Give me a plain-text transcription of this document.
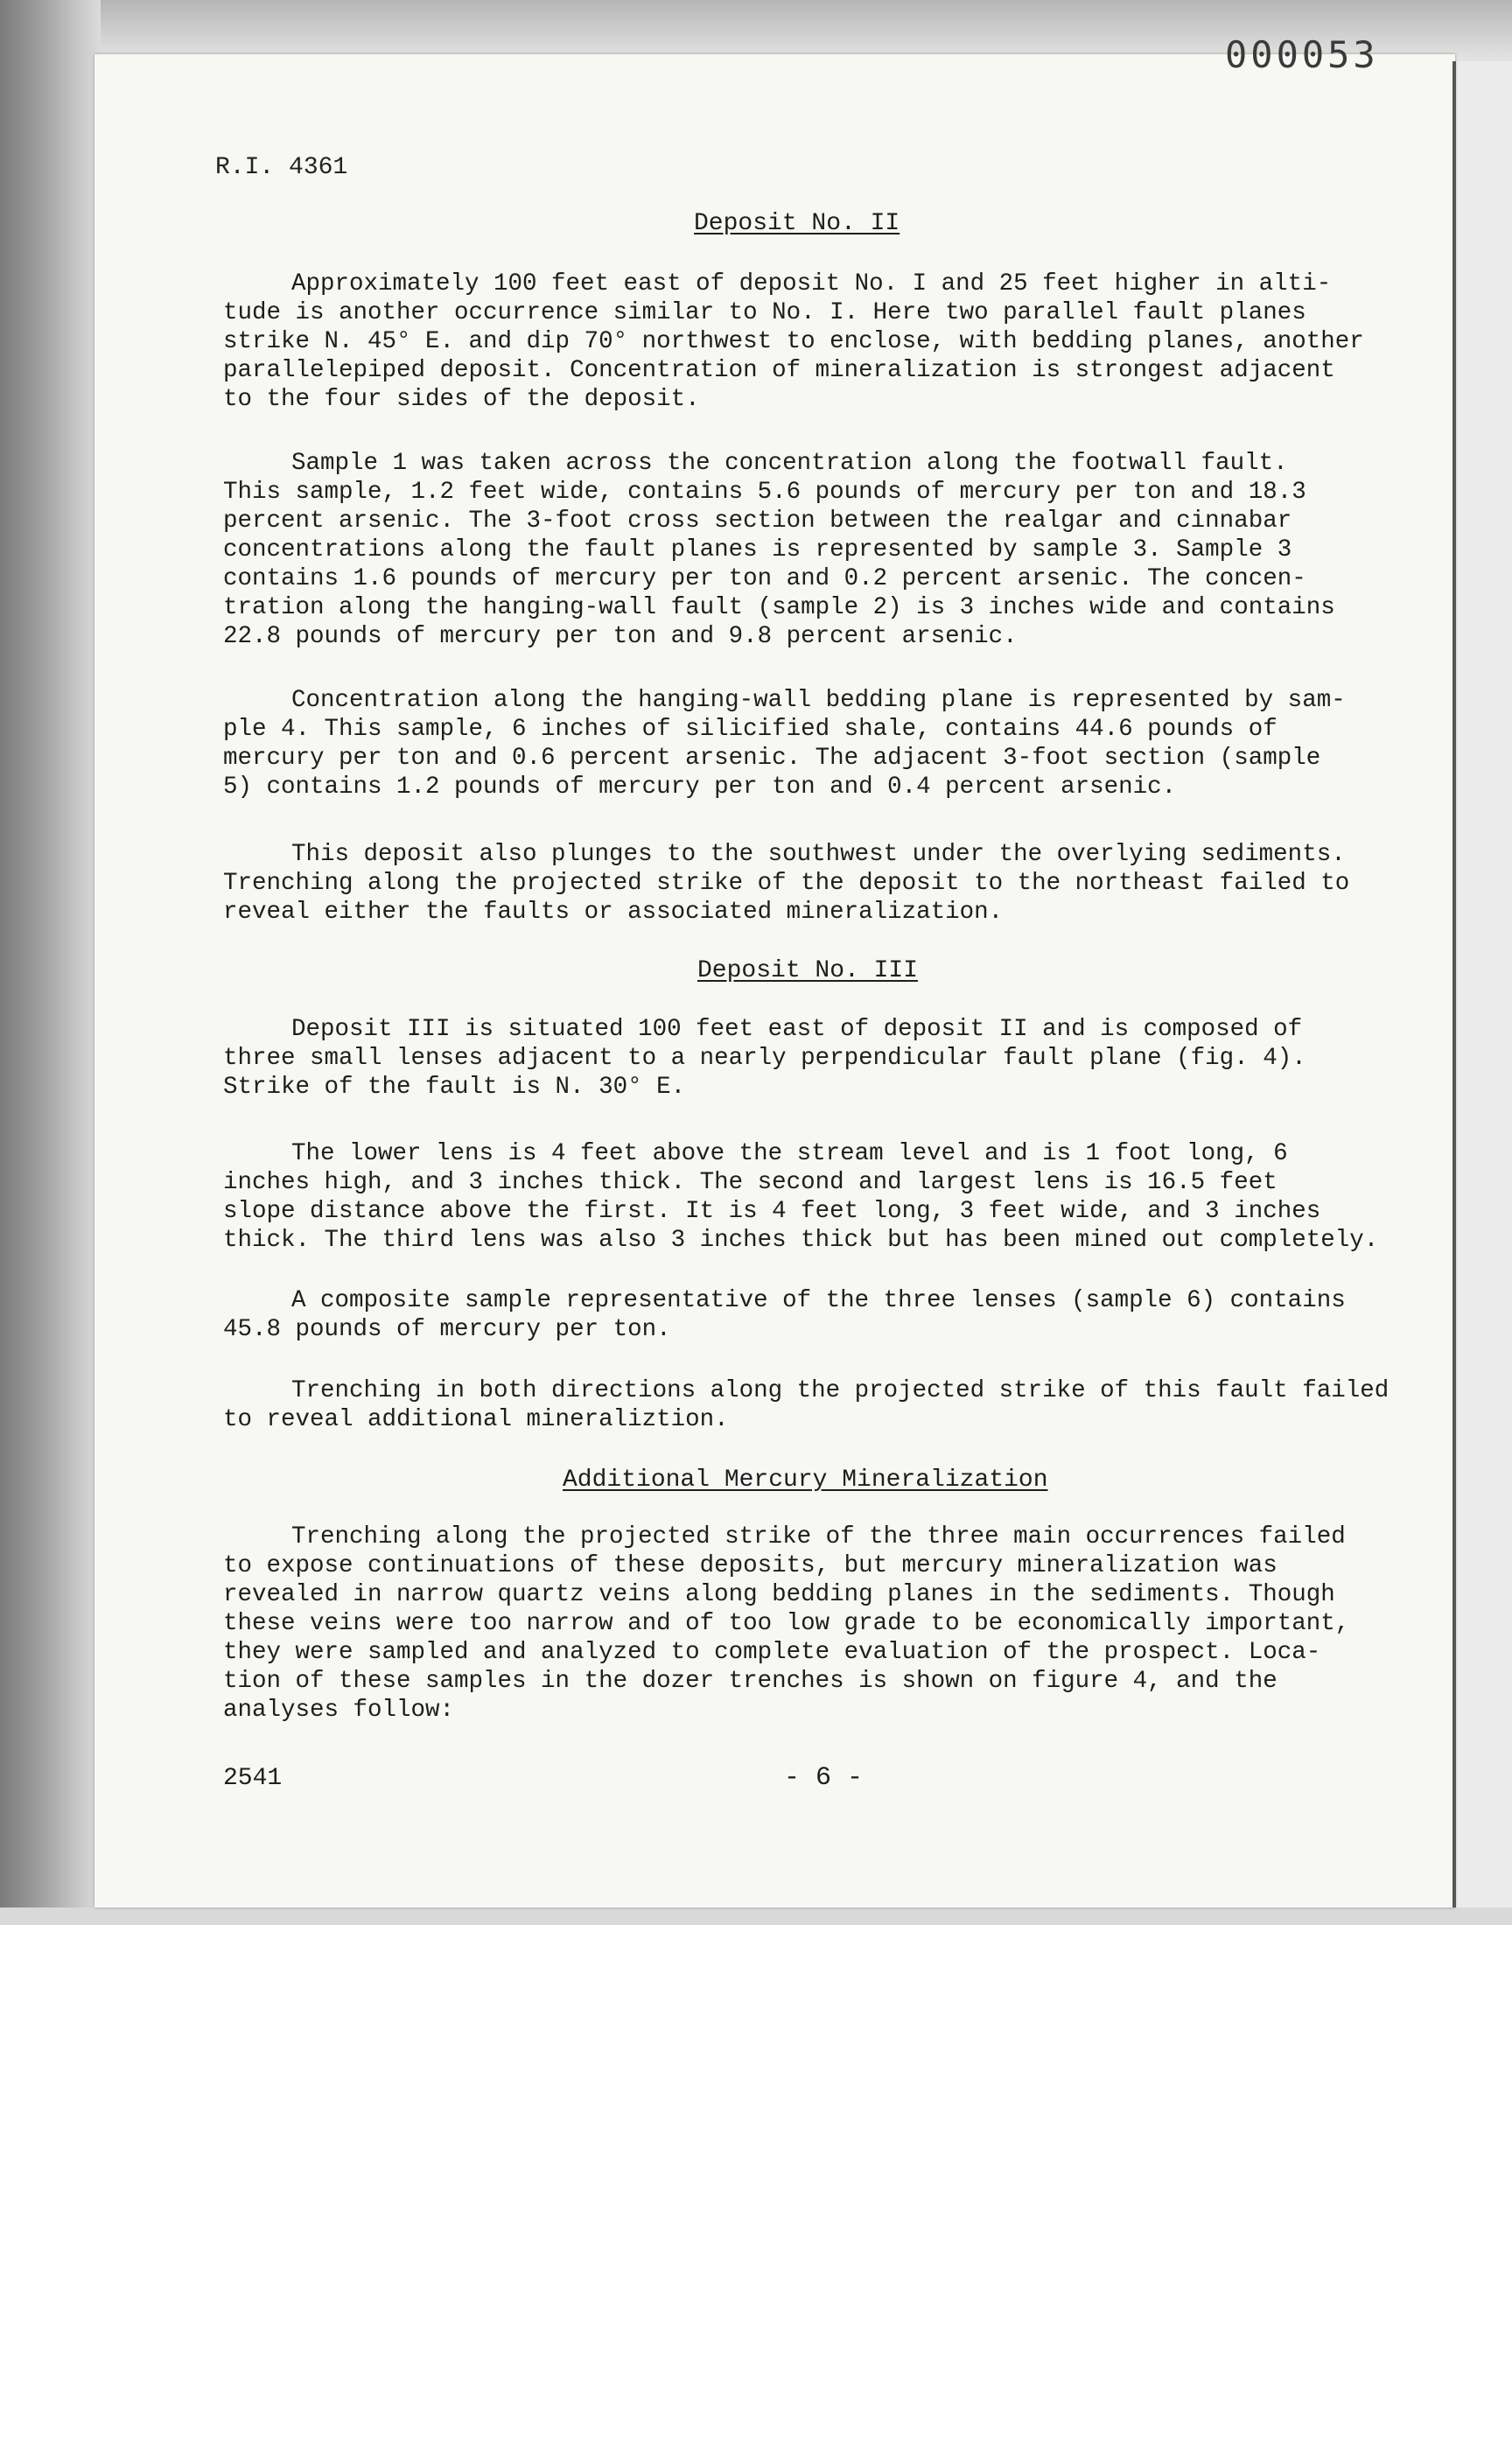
000053
R.I. 4361
Deposit No. II
Approximately 100 feet east of deposit No. I and 25 feet higher in alti-
tude is another occurrence similar to No. I. Here two parallel fault planes
strike N. 45° E. and dip 70° northwest to enclose, with bedding planes, another
parallelepiped deposit. Concentration of mineralization is strongest adjacent
to the four sides of the deposit.
Sample 1 was taken across the concentration along the footwall fault.
This sample, 1.2 feet wide, contains 5.6 pounds of mercury per ton and 18.3
percent arsenic. The 3-foot cross section between the realgar and cinnabar
concentrations along the fault planes is represented by sample 3. Sample 3
contains 1.6 pounds of mercury per ton and 0.2 percent arsenic. The concen-
tration along the hanging-wall fault (sample 2) is 3 inches wide and contains
22.8 pounds of mercury per ton and 9.8 percent arsenic.
Concentration along the hanging-wall bedding plane is represented by sam-
ple 4. This sample, 6 inches of silicified shale, contains 44.6 pounds of
mercury per ton and 0.6 percent arsenic. The adjacent 3-foot section (sample
5) contains 1.2 pounds of mercury per ton and 0.4 percent arsenic.
This deposit also plunges to the southwest under the overlying sediments.
Trenching along the projected strike of the deposit to the northeast failed to
reveal either the faults or associated mineralization.
Deposit No. III
Deposit III is situated 100 feet east of deposit II and is composed of
three small lenses adjacent to a nearly perpendicular fault plane (fig. 4).
Strike of the fault is N. 30° E.
The lower lens is 4 feet above the stream level and is 1 foot long, 6
inches high, and 3 inches thick. The second and largest lens is 16.5 feet
slope distance above the first. It is 4 feet long, 3 feet wide, and 3 inches
thick. The third lens was also 3 inches thick but has been mined out completely.
A composite sample representative of the three lenses (sample 6) contains
45.8 pounds of mercury per ton.
Trenching in both directions along the projected strike of this fault failed
to reveal additional mineraliztion.
Additional Mercury Mineralization
Trenching along the projected strike of the three main occurrences failed
to expose continuations of these deposits, but mercury mineralization was
revealed in narrow quartz veins along bedding planes in the sediments. Though
these veins were too narrow and of too low grade to be economically important,
they were sampled and analyzed to complete evaluation of the prospect. Loca-
tion of these samples in the dozer trenches is shown on figure 4, and the
analyses follow:
2541	- 6 -
